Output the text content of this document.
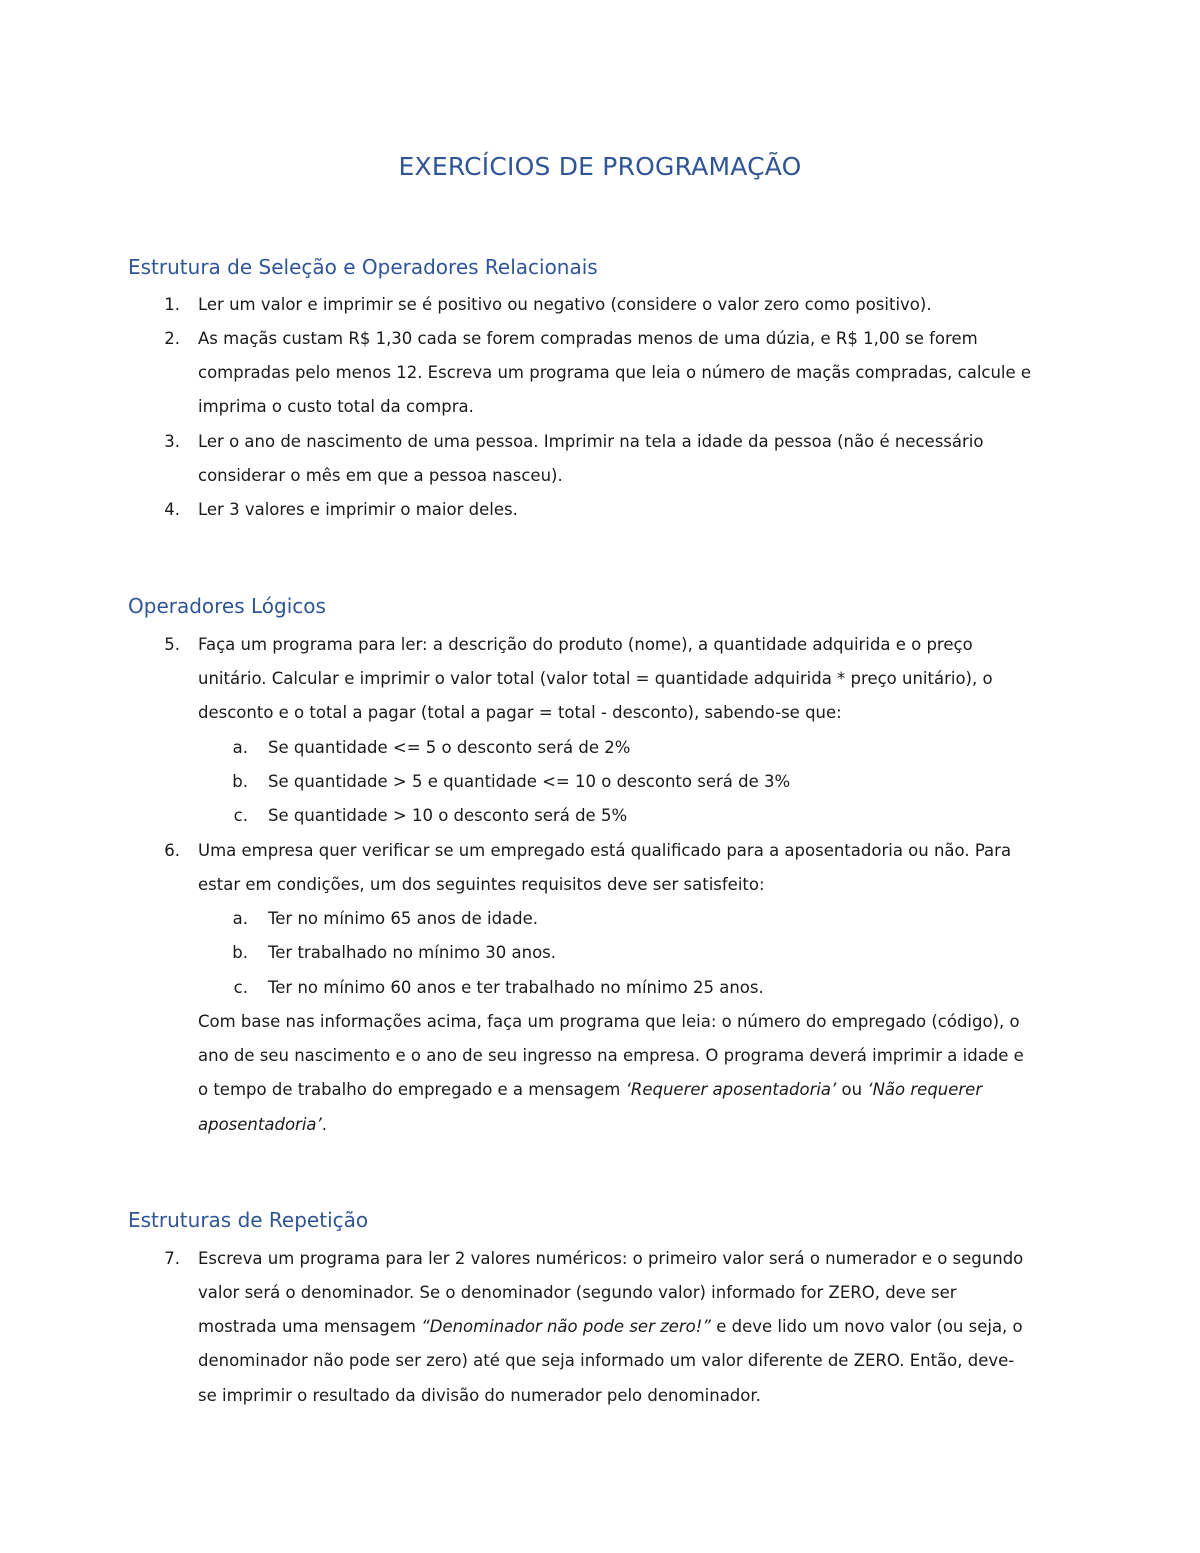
EXERCÍCIOS DE PROGRAMAÇÃO
Estrutura de Seleção e Operadores Relacionais
1. Ler um valor e imprimir se é positivo ou negativo (considere o valor zero como positivo).
2. As maçãs custam R$ 1,30 cada se forem compradas menos de uma dúzia, e R$ 1,00 se forem
compradas pelo menos 12. Escreva um programa que leia o número de maçãs compradas, calcule e
imprima o custo total da compra.
3. Ler o ano de nascimento de uma pessoa. Imprimir na tela a idade da pessoa (não é necessário
considerar o mês em que a pessoa nasceu).
4. Ler 3 valores e imprimir o maior deles.
Operadores Lógicos
5. Faça um programa para ler: a descrição do produto (nome), a quantidade adquirida e o preço
unitário. Calcular e imprimir o valor total (valor total = quantidade adquirida * preço unitário), o
desconto e o total a pagar (total a pagar = total - desconto), sabendo-se que:
a. Se quantidade <= 5 o desconto será de 2%
b. Se quantidade > 5 e quantidade <= 10 o desconto será de 3%
c. Se quantidade > 10 o desconto será de 5%
6. Uma empresa quer verificar se um empregado está qualificado para a aposentadoria ou não. Para
estar em condições, um dos seguintes requisitos deve ser satisfeito:
a. Ter no mínimo 65 anos de idade.
b. Ter trabalhado no mínimo 30 anos.
c. Ter no mínimo 60 anos e ter trabalhado no mínimo 25 anos.
Com base nas informações acima, faça um programa que leia: o número do empregado (código), o
ano de seu nascimento e o ano de seu ingresso na empresa. O programa deverá imprimir a idade e
o tempo de trabalho do empregado e a mensagem ‘Requerer aposentadoria’ ou ‘Não requerer
aposentadoria’.
Estruturas de Repetição
7. Escreva um programa para ler 2 valores numéricos: o primeiro valor será o numerador e o segundo
valor será o denominador. Se o denominador (segundo valor) informado for ZERO, deve ser
mostrada uma mensagem “Denominador não pode ser zero!” e deve lido um novo valor (ou seja, o
denominador não pode ser zero) até que seja informado um valor diferente de ZERO. Então, deve-
se imprimir o resultado da divisão do numerador pelo denominador.
